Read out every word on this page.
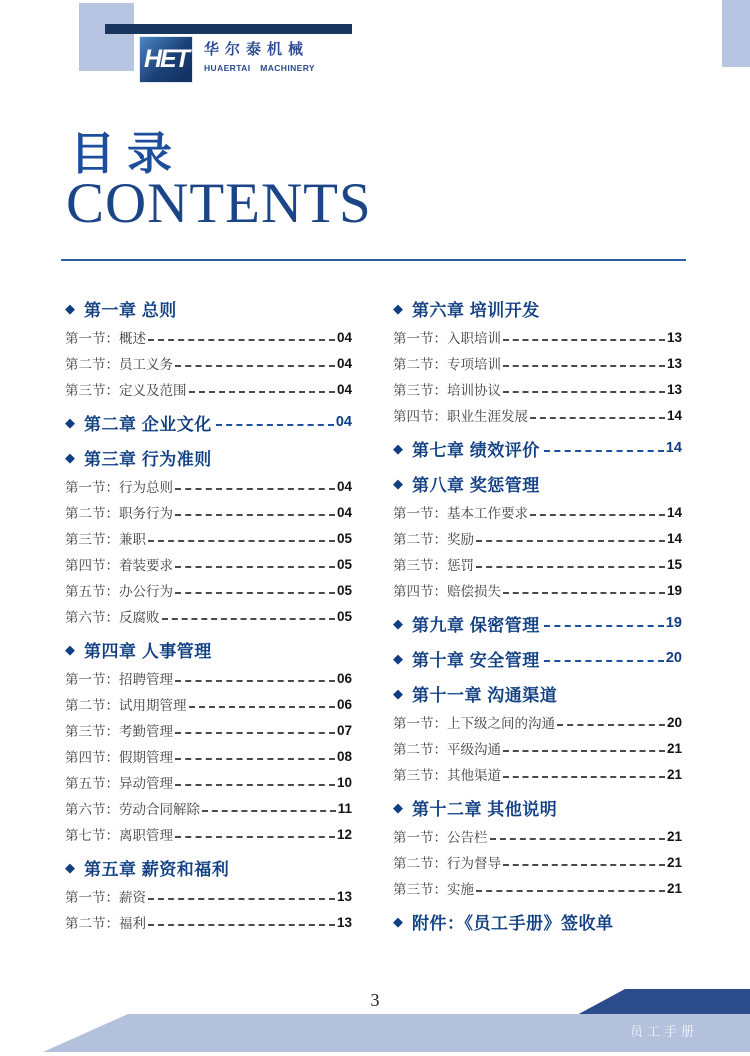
HET 华尔泰机械
HUAERTAI MACHINERY
目录
CONTENTS
◆ 第一章 总则
第一节：概述	04
第二节：员工义务	04
第三节：定义及范围	04
◆ 第二章 企业文化	04
◆ 第三章 行为准则
第一节：行为总则	04
第二节：职务行为	04
第三节：兼职	05
第四节：着装要求	05
第五节：办公行为	05
第六节：反腐败	05
◆ 第四章 人事管理
第一节：招聘管理	06
第二节：试用期管理	06
第三节：考勤管理	07
第四节：假期管理	08
第五节：异动管理	10
第六节：劳动合同解除	11
第七节：离职管理	12
◆ 第五章 薪资和福利
第一节：薪资	13
第二节：福利	13
◆ 第六章 培训开发
第一节：入职培训	13
第二节：专项培训	13
第三节：培训协议	13
第四节：职业生涯发展	14
◆ 第七章 绩效评价	14
◆ 第八章 奖惩管理
第一节：基本工作要求	14
第二节：奖励	14
第三节：惩罚	15
第四节：赔偿损失	19
◆ 第九章 保密管理	19
◆ 第十章 安全管理	20
◆ 第十一章 沟通渠道
第一节：上下级之间的沟通	20
第二节：平级沟通	21
第三节：其他渠道	21
◆ 第十二章 其他说明
第一节：公告栏	21
第二节：行为督导	21
第三节：实施	21
◆ 附件：《员工手册》签收单
3
员工手册
